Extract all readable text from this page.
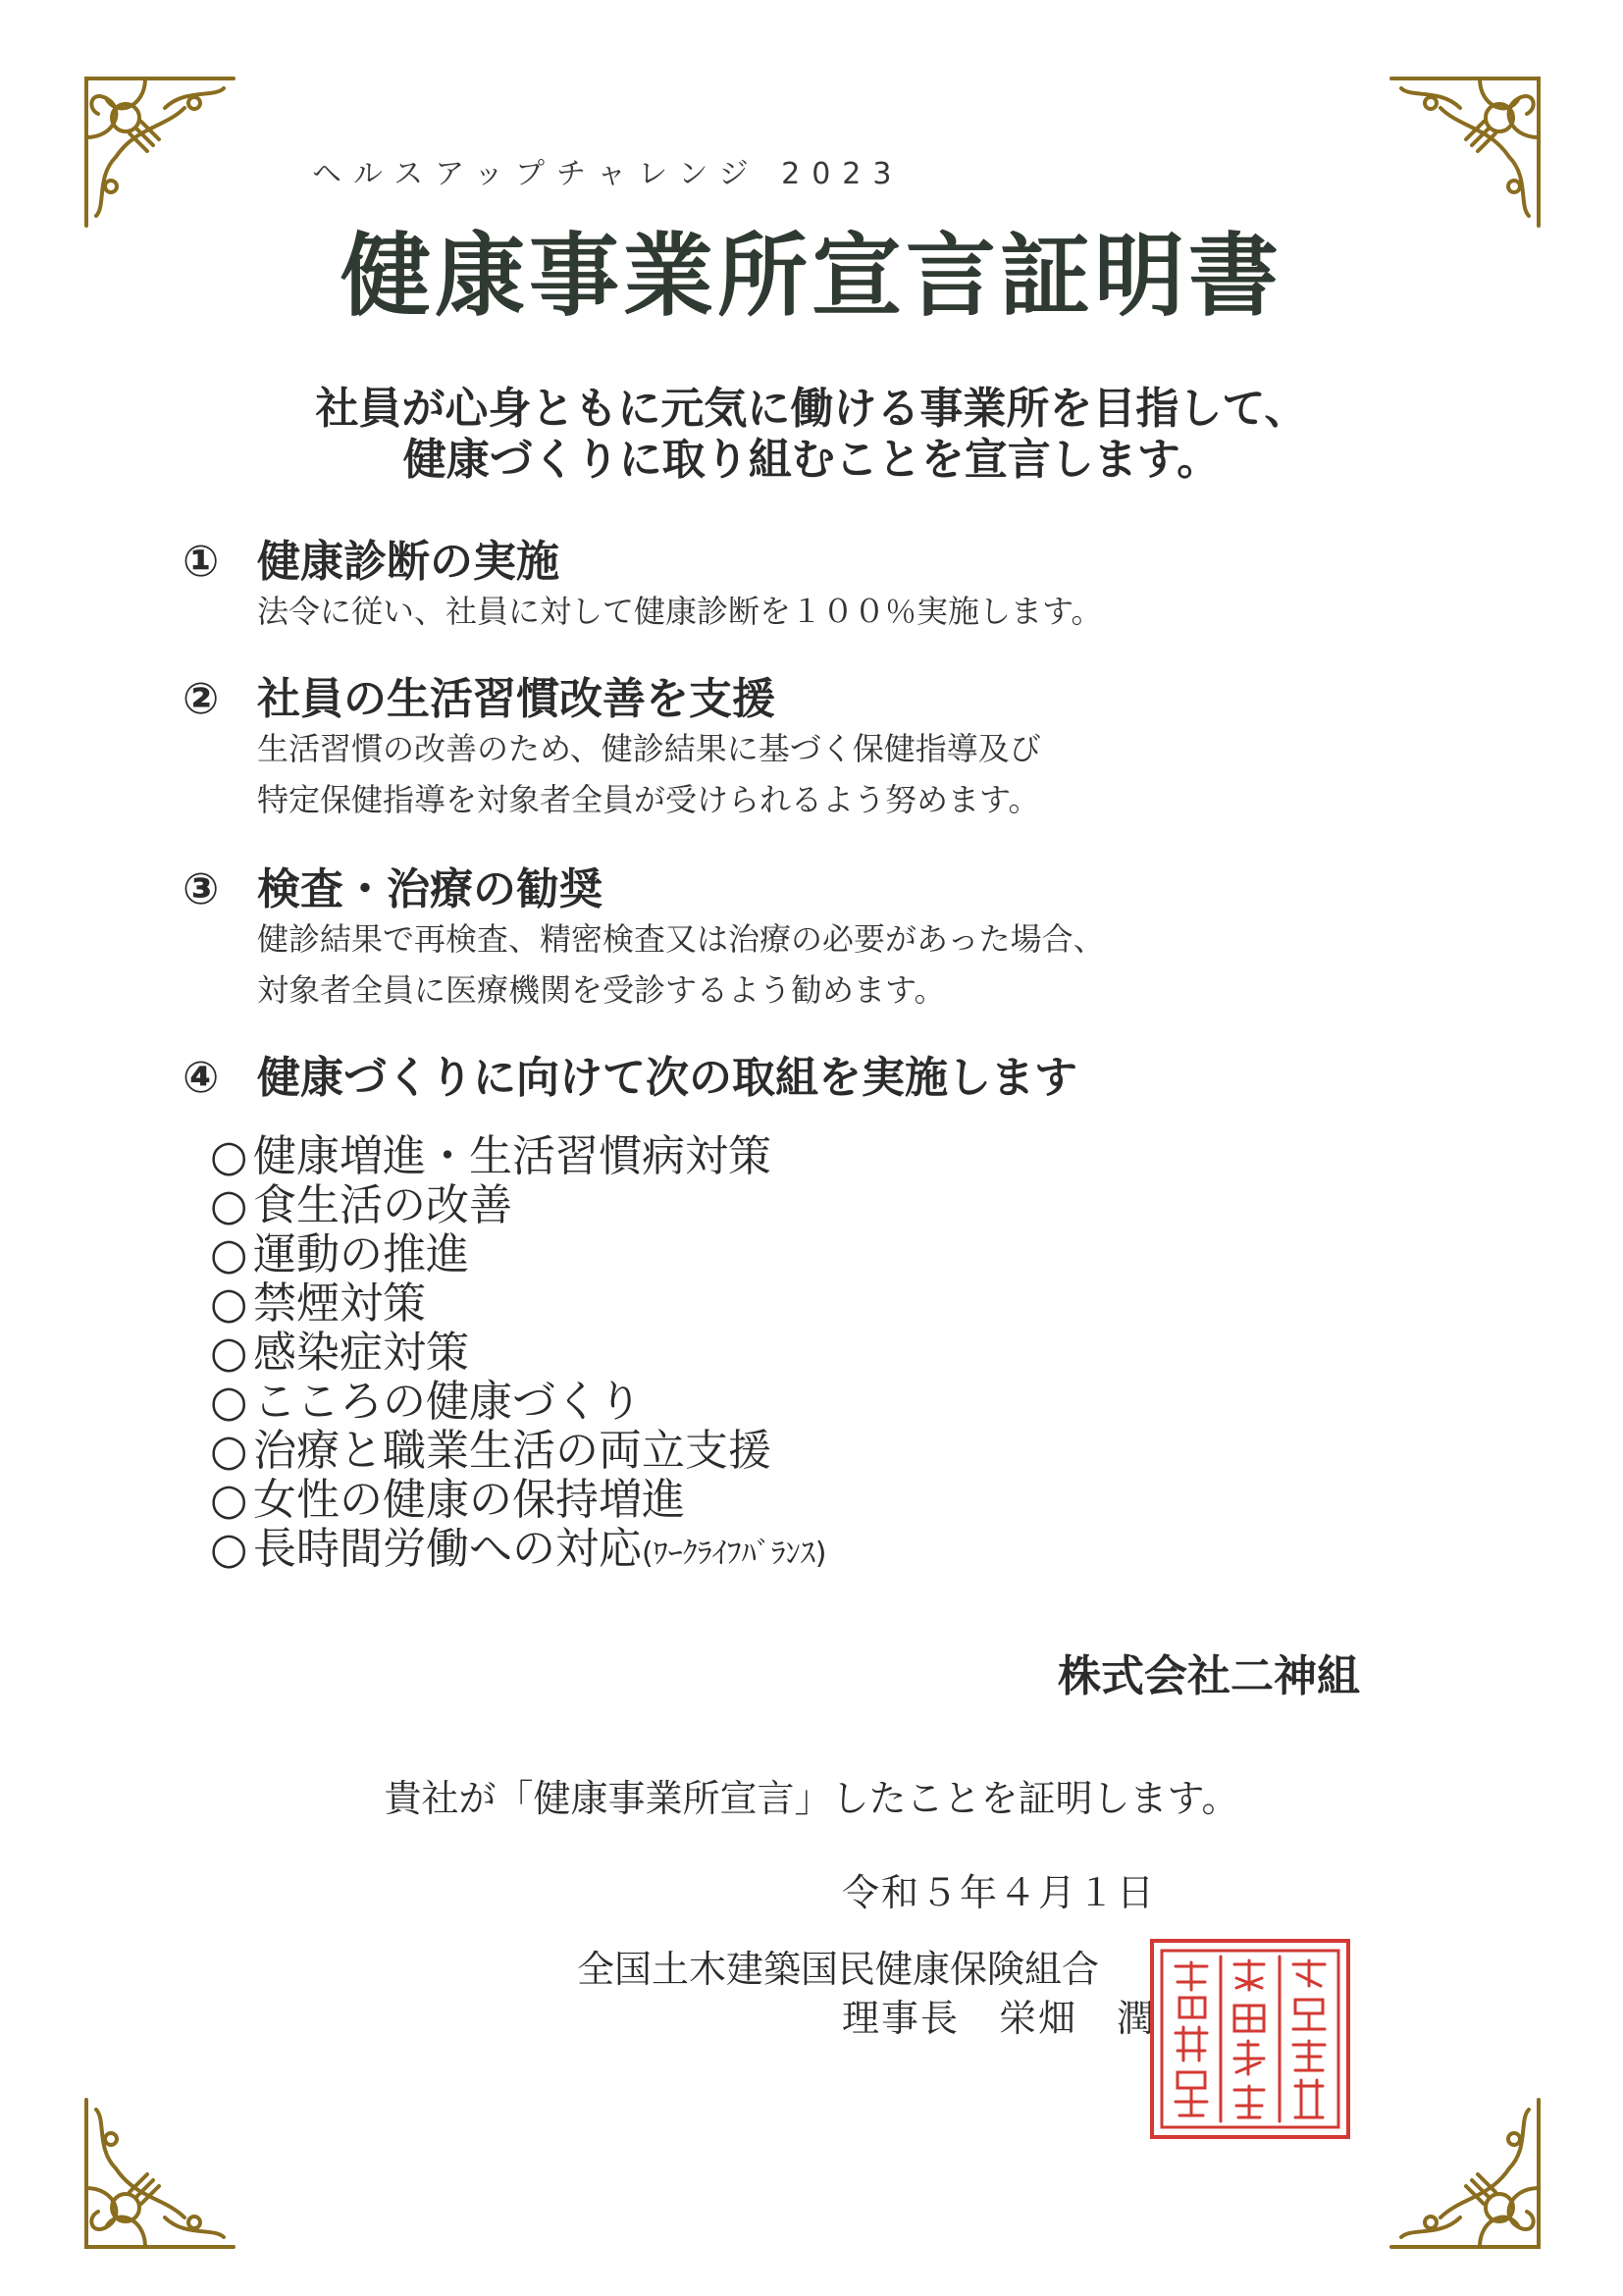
ヘルスアップチャレンジ 2023
健康事業所宣言証明書
社員が心身ともに元気に働ける事業所を目指して、
健康づくりに取り組むことを宣言します。
① 健康診断の実施
法令に従い、社員に対して健康診断を１００％実施します。
② 社員の生活習慣改善を支援
生活習慣の改善のため、健診結果に基づく保健指導及び
特定保健指導を対象者全員が受けられるよう努めます。
③ 検査・治療の勧奨
健診結果で再検査、精密検査又は治療の必要があった場合、
対象者全員に医療機関を受診するよう勧めます。
④ 健康づくりに向けて次の取組を実施します
○ 健康増進・生活習慣病対策
○ 食生活の改善
○ 運動の推進
○ 禁煙対策
○ 感染症対策
○ こころの健康づくり
○ 治療と職業生活の両立支援
○ 女性の健康の保持増進
○ 長時間労働への対応(ﾜｰｸﾗｲﾌﾊﾞﾗﾝｽ)
株式会社二神組
貴社が「健康事業所宣言」したことを証明します。
令和５年４月１日
全国土木建築国民健康保険組合
理事長 栄畑　潤
